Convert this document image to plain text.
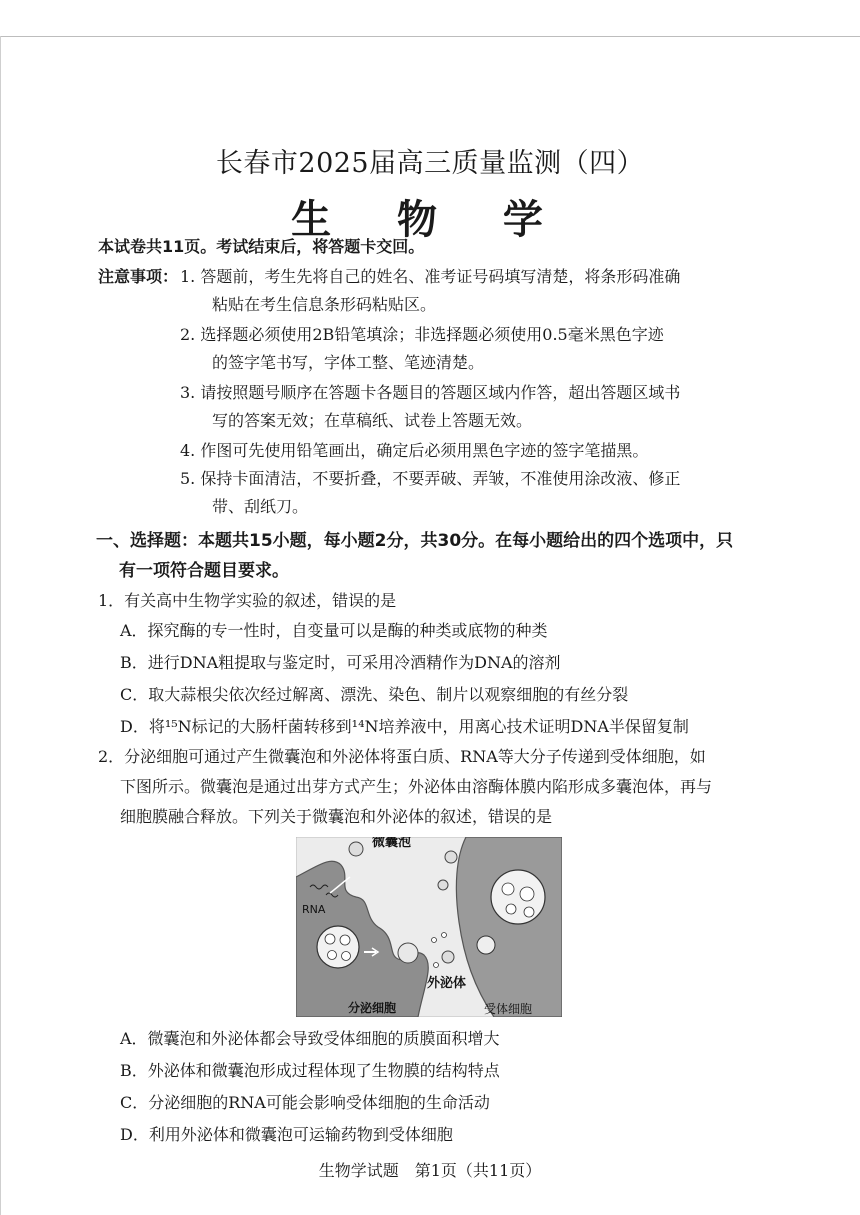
长春市2025届高三质量监测（四）
生 物 学
本试卷共11页。考试结束后，将答题卡交回。
注意事项： 1. 答题前，考生先将自己的姓名、准考证号码填写清楚，将条形码准确
粘贴在考生信息条形码粘贴区。
2. 选择题必须使用2B铅笔填涂；非选择题必须使用0.5毫米黑色字迹
的签字笔书写，字体工整、笔迹清楚。
3. 请按照题号顺序在答题卡各题目的答题区域内作答，超出答题区域书
写的答案无效；在草稿纸、试卷上答题无效。
4. 作图可先使用铅笔画出，确定后必须用黑色字迹的签字笔描黑。
5. 保持卡面清洁，不要折叠，不要弄破、弄皱，不准使用涂改液、修正
带、刮纸刀。
一、选择题：本题共15小题，每小题2分，共30分。在每小题给出的四个选项中，只
有一项符合题目要求。
1．有关高中生物学实验的叙述，错误的是
A．探究酶的专一性时，自变量可以是酶的种类或底物的种类
B．进行DNA粗提取与鉴定时，可采用冷酒精作为DNA的溶剂
C．取大蒜根尖依次经过解离、漂洗、染色、制片以观察细胞的有丝分裂
D．将¹⁵N标记的大肠杆菌转移到¹⁴N培养液中，用离心技术证明DNA半保留复制
2．分泌细胞可通过产生微囊泡和外泌体将蛋白质、RNA等大分子传递到受体细胞，如
下图所示。微囊泡是通过出芽方式产生；外泌体由溶酶体膜内陷形成多囊泡体，再与
细胞膜融合释放。下列关于微囊泡和外泌体的叙述，错误的是
微囊泡
RNA
外泌体
分泌细胞	受体细胞
A．微囊泡和外泌体都会导致受体细胞的质膜面积增大
B．外泌体和微囊泡形成过程体现了生物膜的结构特点
C．分泌细胞的RNA可能会影响受体细胞的生命活动
D．利用外泌体和微囊泡可运输药物到受体细胞
生物学试题　第1页（共11页）
